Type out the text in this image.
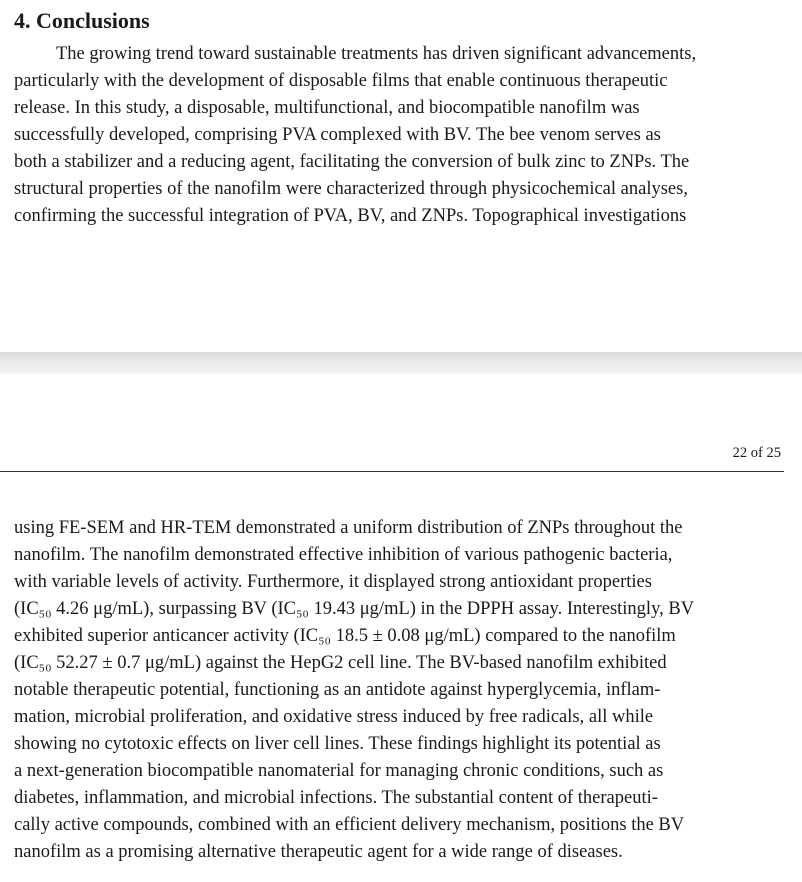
4. Conclusions
The growing trend toward sustainable treatments has driven significant advancements,
particularly with the development of disposable films that enable continuous therapeutic
release. In this study, a disposable, multifunctional, and biocompatible nanofilm was
successfully developed, comprising PVA complexed with BV. The bee venom serves as
both a stabilizer and a reducing agent, facilitating the conversion of bulk zinc to ZNPs. The
structural properties of the nanofilm were characterized through physicochemical analyses,
confirming the successful integration of PVA, BV, and ZNPs. Topographical investigations
22 of 25
using FE-SEM and HR-TEM demonstrated a uniform distribution of ZNPs throughout the
nanofilm. The nanofilm demonstrated effective inhibition of various pathogenic bacteria,
with variable levels of activity. Furthermore, it displayed strong antioxidant properties
(IC₅₀ 4.26 μg/mL), surpassing BV (IC₅₀ 19.43 μg/mL) in the DPPH assay. Interestingly, BV
exhibited superior anticancer activity (IC₅₀ 18.5 ± 0.08 μg/mL) compared to the nanofilm
(IC₅₀ 52.27 ± 0.7 μg/mL) against the HepG2 cell line. The BV-based nanofilm exhibited
notable therapeutic potential, functioning as an antidote against hyperglycemia, inflam-
mation, microbial proliferation, and oxidative stress induced by free radicals, all while
showing no cytotoxic effects on liver cell lines. These findings highlight its potential as
a next-generation biocompatible nanomaterial for managing chronic conditions, such as
diabetes, inflammation, and microbial infections. The substantial content of therapeuti-
cally active compounds, combined with an efficient delivery mechanism, positions the BV
nanofilm as a promising alternative therapeutic agent for a wide range of diseases.
